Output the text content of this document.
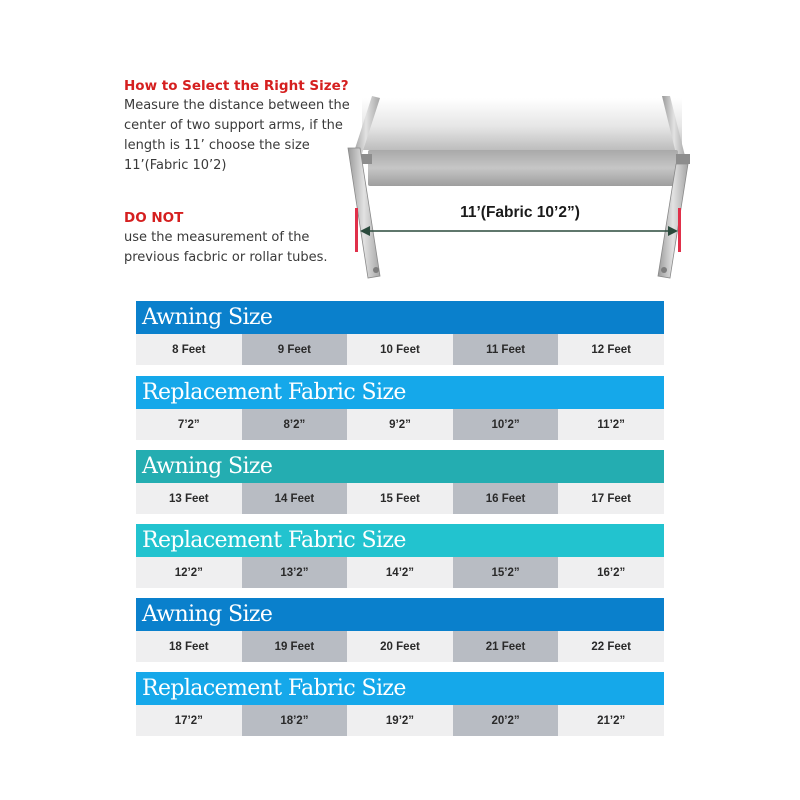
How to Select the Right Size?

Measure the distance between the center of two support arms, if the length is 11’ choose the size 11’(Fabric 10’2)

DO NOT

use the measurement of the previous facbric or rollar tubes.

11’(Fabric 10’2”)
Awning Size
8 Feet	9 Feet	10 Feet	11 Feet	12 Feet
Replacement Fabric Size
7’2”	8’2”	9’2”	10’2”	11’2”
Awning Size
13 Feet	14 Feet	15 Feet	16 Feet	17 Feet
Replacement Fabric Size
12’2”	13’2”	14’2”	15’2”	16’2”
Awning Size
18 Feet	19 Feet	20 Feet	21 Feet	22 Feet
Replacement Fabric Size
17’2”	18’2”	19’2”	20’2”	21’2”
